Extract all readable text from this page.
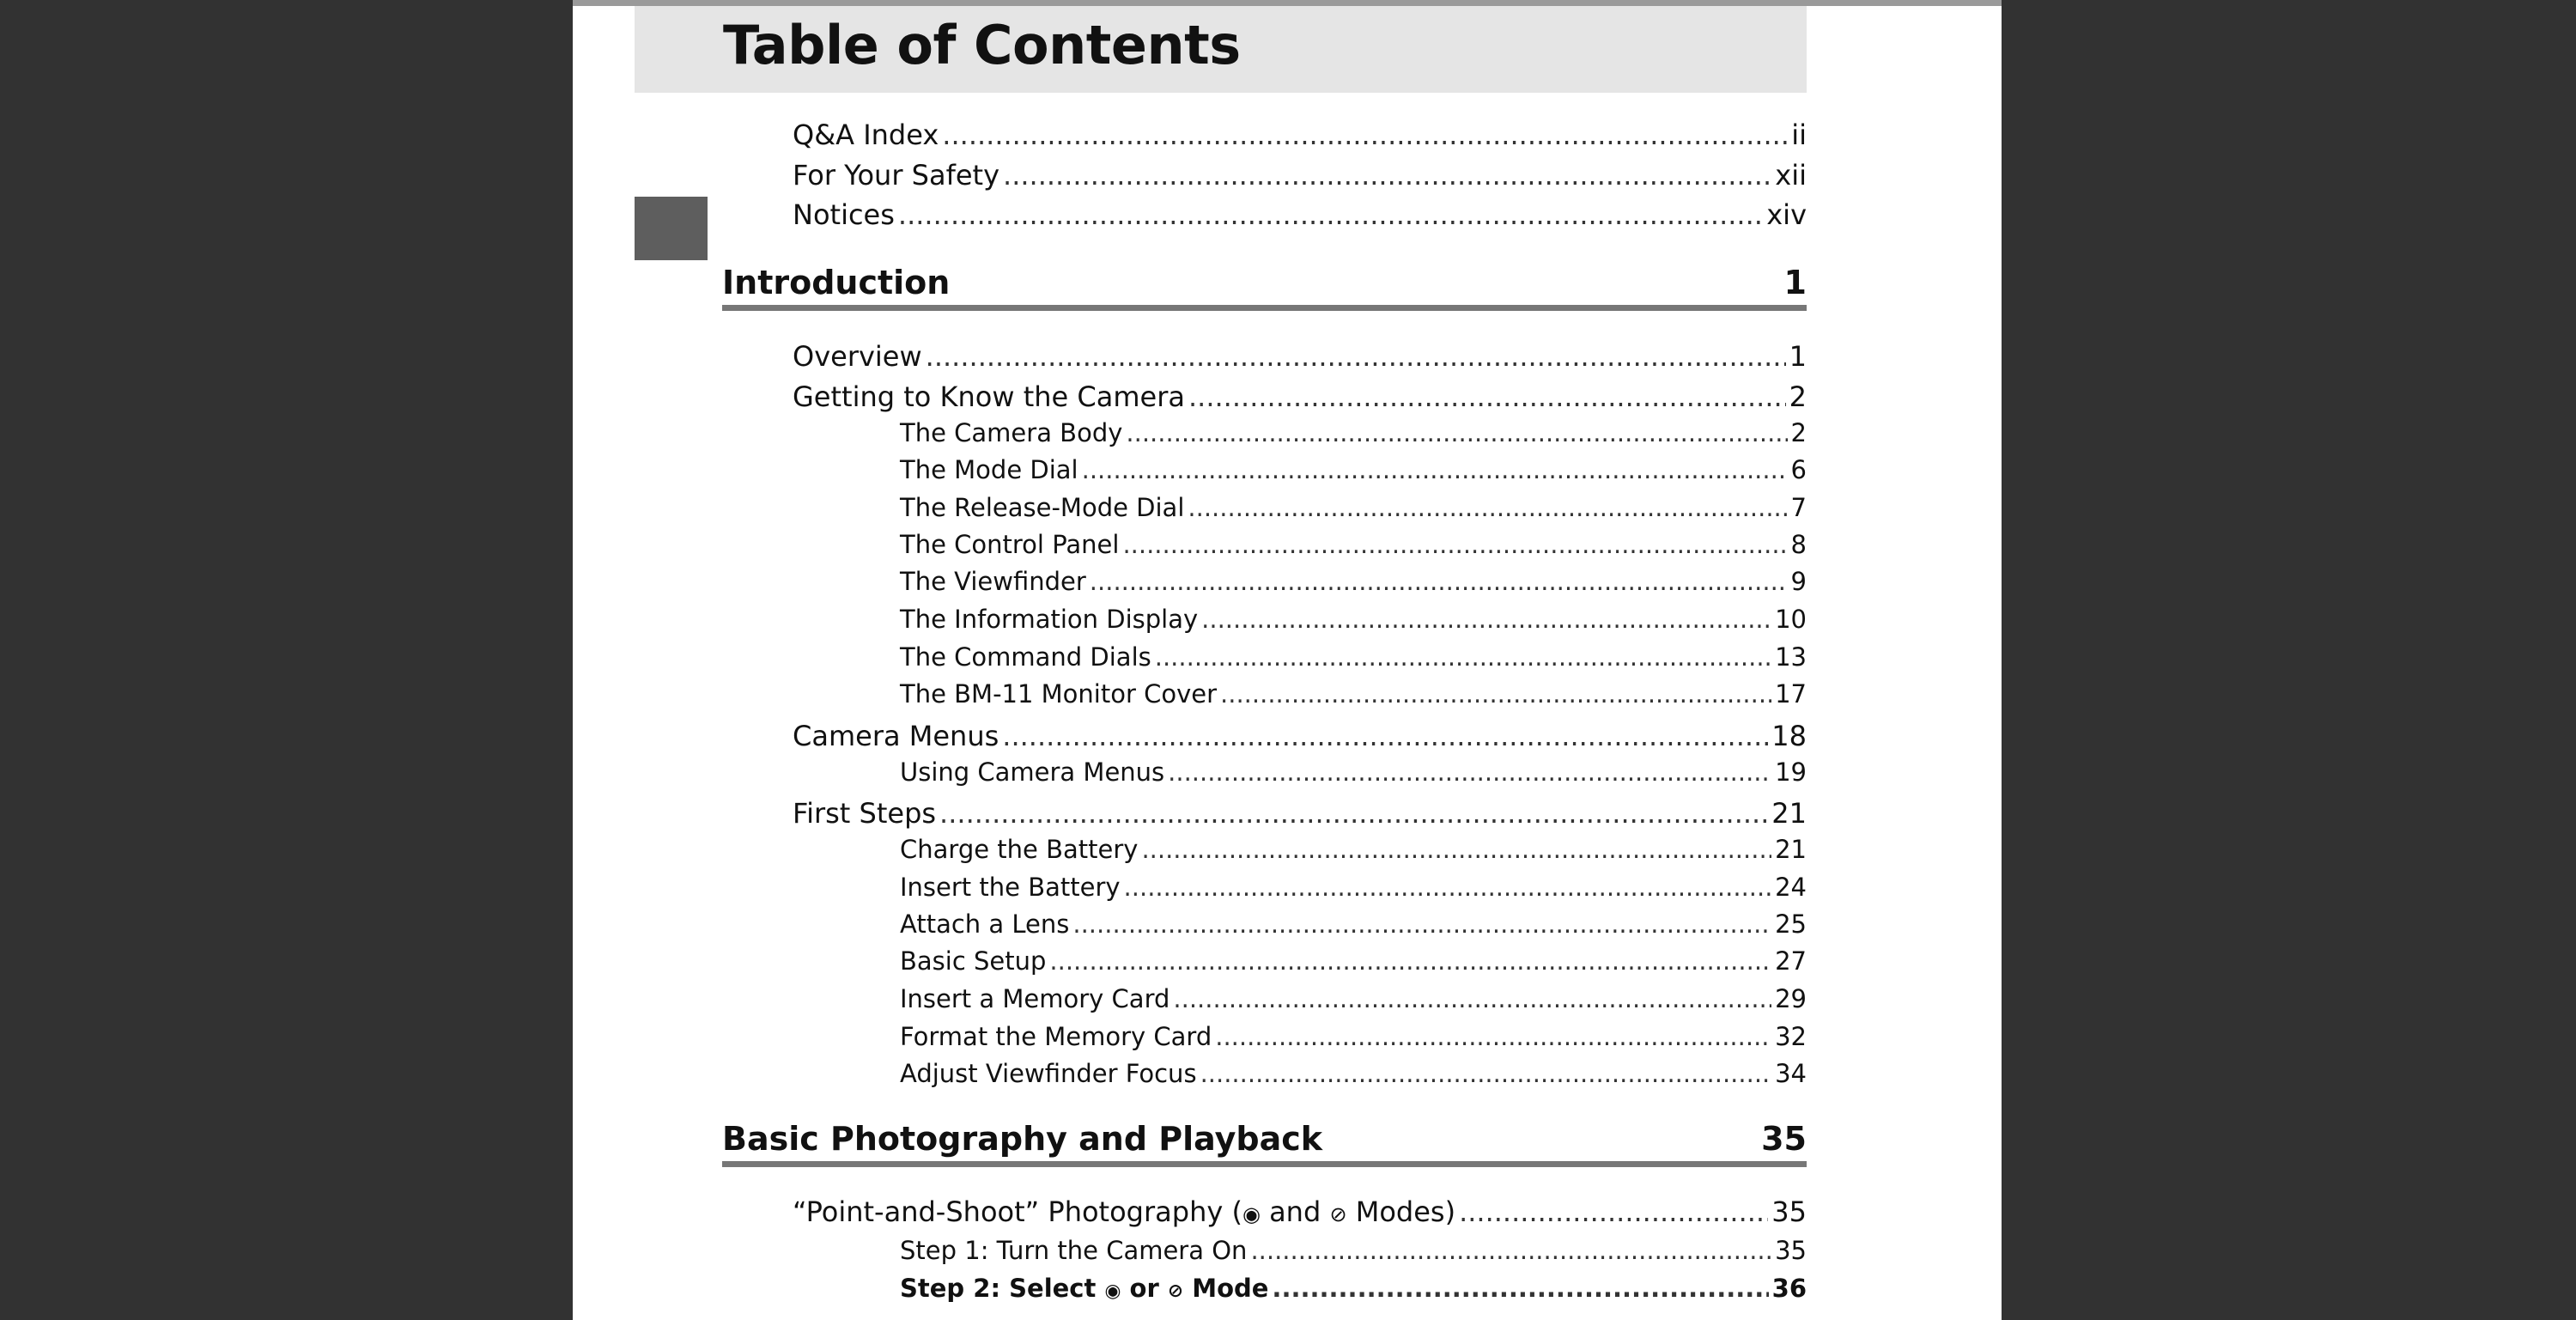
Table of Contents
Q&A Index .....	ii
For Your Safety .....	xii
Notices .....	xiv
Introduction	1
Overview .....	1
Getting to Know the Camera .....	2
The Camera Body .....	2
The Mode Dial .....	6
The Release-Mode Dial .....	7
The Control Panel .....	8
The Viewfinder .....	9
The Information Display .....	10
The Command Dials .....	13
The BM-11 Monitor Cover .....	17
Camera Menus .....	18
Using Camera Menus .....	19
First Steps .....	21
Charge the Battery .....	21
Insert the Battery .....	24
Attach a Lens .....	25
Basic Setup .....	27
Insert a Memory Card .....	29
Format the Memory Card .....	32
Adjust Viewfinder Focus .....	34
Basic Photography and Playback	35
“Point-and-Shoot” Photography (◉ and ⊘ Modes) .....	35
Step 1: Turn the Camera On .....	35
Step 2: Select ◉ or ⊘ Mode .....	36
